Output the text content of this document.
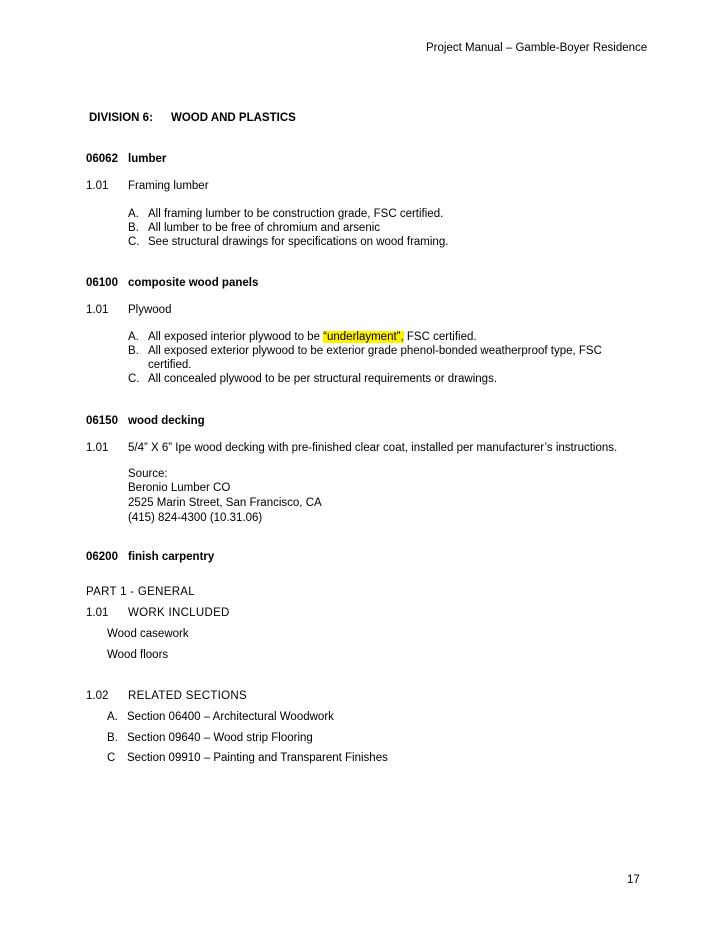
Project Manual – Gamble-Boyer Residence
DIVISION 6: WOOD AND PLASTICS
06062 lumber
1.01 Framing lumber
A. All framing lumber to be construction grade, FSC certified.
B. All lumber to be free of chromium and arsenic
C. See structural drawings for specifications on wood framing.
06100 composite wood panels
1.01 Plywood
A. All exposed interior plywood to be “underlayment”, FSC certified.
B. All exposed exterior plywood to be exterior grade phenol-bonded weatherproof type, FSC
certified.
C. All concealed plywood to be per structural requirements or drawings.
06150 wood decking
1.01 5/4” X 6” Ipe wood decking with pre-finished clear coat, installed per manufacturer’s instructions.
Source:
Beronio Lumber CO
2525 Marin Street, San Francisco, CA
(415) 824-4300 (10.31.06)
06200 finish carpentry
PART 1 - GENERAL
1.01 WORK INCLUDED
Wood casework
Wood floors
1.02 RELATED SECTIONS
A. Section 06400 – Architectural Woodwork
B. Section 09640 – Wood strip Flooring
C Section 09910 – Painting and Transparent Finishes
17
